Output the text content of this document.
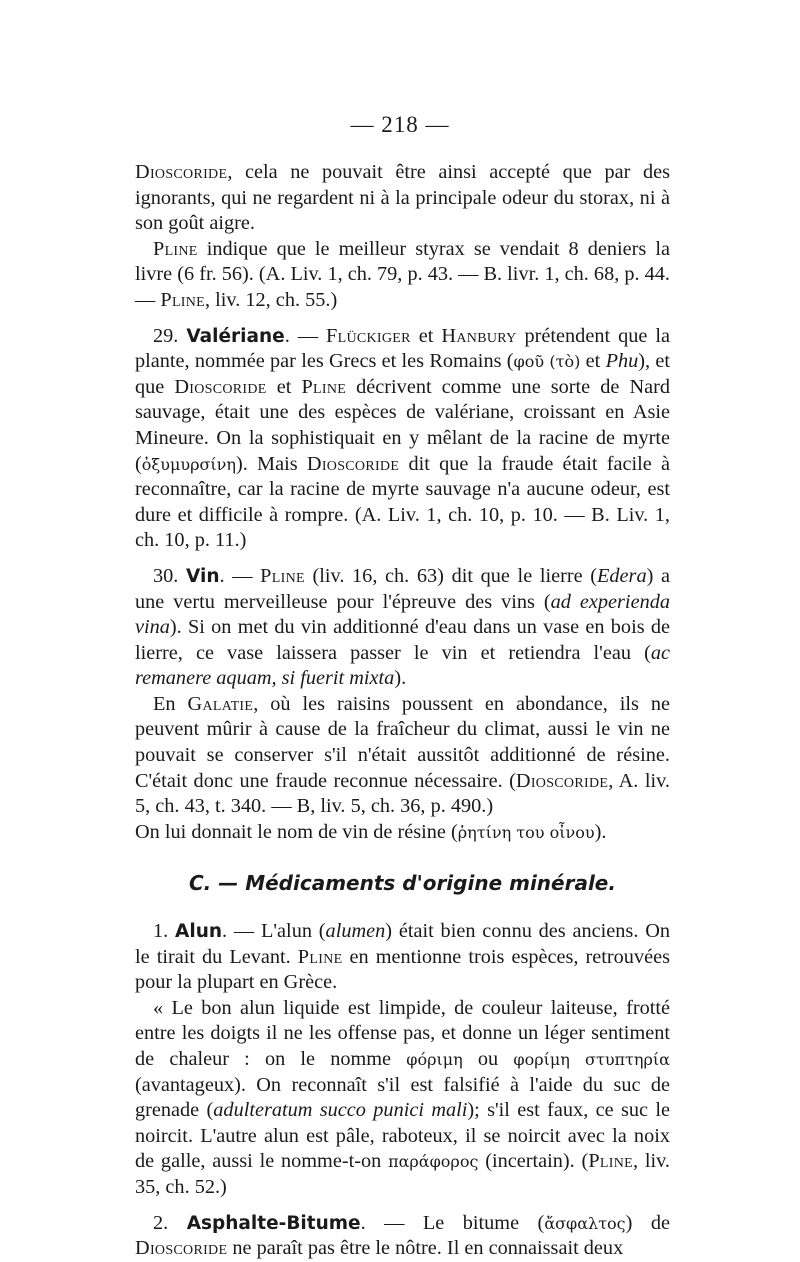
— 218 —

Dioscoride, cela ne pouvait être ainsi accepté que par des ignorants, qui ne regardent ni à la principale odeur du storax, ni à son goût aigre.

Pline indique que le meilleur styrax se vendait 8 deniers la livre (6 fr. 56). (A. Liv. 1, ch. 79, p. 43. — B. livr. 1, ch. 68, p. 44. — Pline, liv. 12, ch. 55.)

29. Valériane. — Flückiger et Hanbury prétendent que la plante, nommée par les Grecs et les Romains (φοῦ (τὸ) et Phu), et que Dioscoride et Pline décrivent comme une sorte de Nard sauvage, était une des espèces de valériane, croissant en Asie Mineure. On la sophistiquait en y mêlant de la racine de myrte (ὀξυμυρσίνη). Mais Dioscoride dit que la fraude était facile à reconnaître, car la racine de myrte sauvage n'a aucune odeur, est dure et difficile à rompre. (A. Liv. 1, ch. 10, p. 10. — B. Liv. 1, ch. 10, p. 11.)

30. Vin. — Pline (liv. 16, ch. 63) dit que le lierre (Edera) a une vertu merveilleuse pour l'épreuve des vins (ad experienda vina). Si on met du vin additionné d'eau dans un vase en bois de lierre, ce vase laissera passer le vin et retiendra l'eau (ac remanere aquam, si fuerit mixta).

En Galatie, où les raisins poussent en abondance, ils ne peuvent mûrir à cause de la fraîcheur du climat, aussi le vin ne pouvait se conserver s'il n'était aussitôt additionné de résine. C'était donc une fraude reconnue nécessaire. (Dioscoride, A. liv. 5, ch. 43, t. 340. — B, liv. 5, ch. 36, p. 490.)

On lui donnait le nom de vin de résine (ῥητίνη του οἶνου).

C. — Médicaments d'origine minérale.

1. Alun. — L'alun (alumen) était bien connu des anciens. On le tirait du Levant. Pline en mentionne trois espèces, retrouvées pour la plupart en Grèce.

« Le bon alun liquide est limpide, de couleur laiteuse, frotté entre les doigts il ne les offense pas, et donne un léger sentiment de chaleur : on le nomme φόριμη ou φορίμη στυπτηρία (avantageux). On reconnaît s'il est falsifié à l'aide du suc de grenade (adulteratum succo punici mali); s'il est faux, ce suc le noircit. L'autre alun est pâle, raboteux, il se noircit avec la noix de galle, aussi le nomme-t-on παράφορος (incertain). (Pline, liv. 35, ch. 52.)

2. Asphalte-Bitume. — Le bitume (ἄσφαλτος) de Dioscoride ne paraît pas être le nôtre. Il en connaissait deux
